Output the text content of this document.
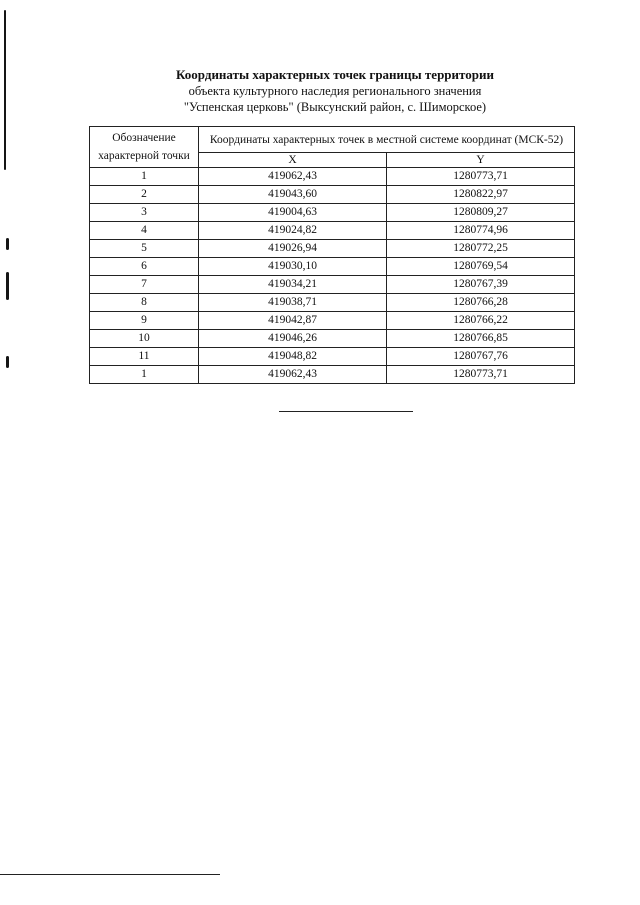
Координаты характерных точек границы территории
объекта культурного наследия регионального значения
"Успенская церковь" (Выксунский район, с. Шиморское)
Обозначение характерной точки	Координаты характерных точек в местной системе координат (МСК-52)	
	X	Y
1	419062,43	1280773,71
2	419043,60	1280822,97
3	419004,63	1280809,27
4	419024,82	1280774,96
5	419026,94	1280772,25
6	419030,10	1280769,54
7	419034,21	1280767,39
8	419038,71	1280766,28
9	419042,87	1280766,22
10	419046,26	1280766,85
11	419048,82	1280767,76
1	419062,43	1280773,71
